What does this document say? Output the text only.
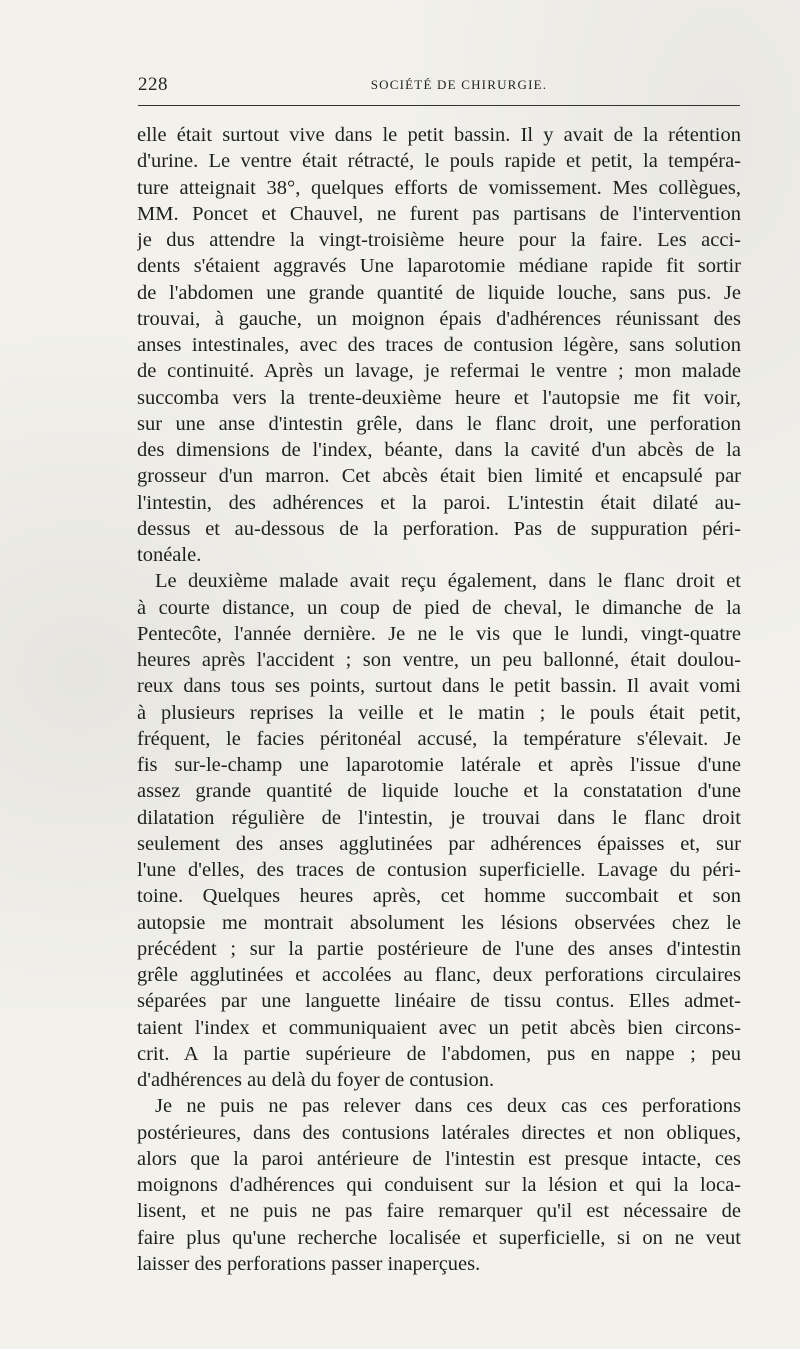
228	SOCIÉTÉ DE CHIRURGIE.
elle était surtout vive dans le petit bassin. Il y avait de la rétention
d'urine. Le ventre était rétracté, le pouls rapide et petit, la tempéra-
ture atteignait 38°, quelques efforts de vomissement. Mes collègues,
MM. Poncet et Chauvel, ne furent pas partisans de l'intervention
je dus attendre la vingt-troisième heure pour la faire. Les acci-
dents s'étaient aggravés Une laparotomie médiane rapide fit sortir
de l'abdomen une grande quantité de liquide louche, sans pus. Je
trouvai, à gauche, un moignon épais d'adhérences réunissant des
anses intestinales, avec des traces de contusion légère, sans solution
de continuité. Après un lavage, je refermai le ventre ; mon malade
succomba vers la trente-deuxième heure et l'autopsie me fit voir,
sur une anse d'intestin grêle, dans le flanc droit, une perforation
des dimensions de l'index, béante, dans la cavité d'un abcès de la
grosseur d'un marron. Cet abcès était bien limité et encapsulé par
l'intestin, des adhérences et la paroi. L'intestin était dilaté au-
dessus et au-dessous de la perforation. Pas de suppuration péri-
tonéale.
Le deuxième malade avait reçu également, dans le flanc droit et
à courte distance, un coup de pied de cheval, le dimanche de la
Pentecôte, l'année dernière. Je ne le vis que le lundi, vingt-quatre
heures après l'accident ; son ventre, un peu ballonné, était doulou-
reux dans tous ses points, surtout dans le petit bassin. Il avait vomi
à plusieurs reprises la veille et le matin ; le pouls était petit,
fréquent, le facies péritonéal accusé, la température s'élevait. Je
fis sur-le-champ une laparotomie latérale et après l'issue d'une
assez grande quantité de liquide louche et la constatation d'une
dilatation régulière de l'intestin, je trouvai dans le flanc droit
seulement des anses agglutinées par adhérences épaisses et, sur
l'une d'elles, des traces de contusion superficielle. Lavage du péri-
toine. Quelques heures après, cet homme succombait et son
autopsie me montrait absolument les lésions observées chez le
précédent ; sur la partie postérieure de l'une des anses d'intestin
grêle agglutinées et accolées au flanc, deux perforations circulaires
séparées par une languette linéaire de tissu contus. Elles admet-
taient l'index et communiquaient avec un petit abcès bien circons-
crit. A la partie supérieure de l'abdomen, pus en nappe ; peu
d'adhérences au delà du foyer de contusion.
Je ne puis ne pas relever dans ces deux cas ces perforations
postérieures, dans des contusions latérales directes et non obliques,
alors que la paroi antérieure de l'intestin est presque intacte, ces
moignons d'adhérences qui conduisent sur la lésion et qui la loca-
lisent, et ne puis ne pas faire remarquer qu'il est nécessaire de
faire plus qu'une recherche localisée et superficielle, si on ne veut
laisser des perforations passer inaperçues.
